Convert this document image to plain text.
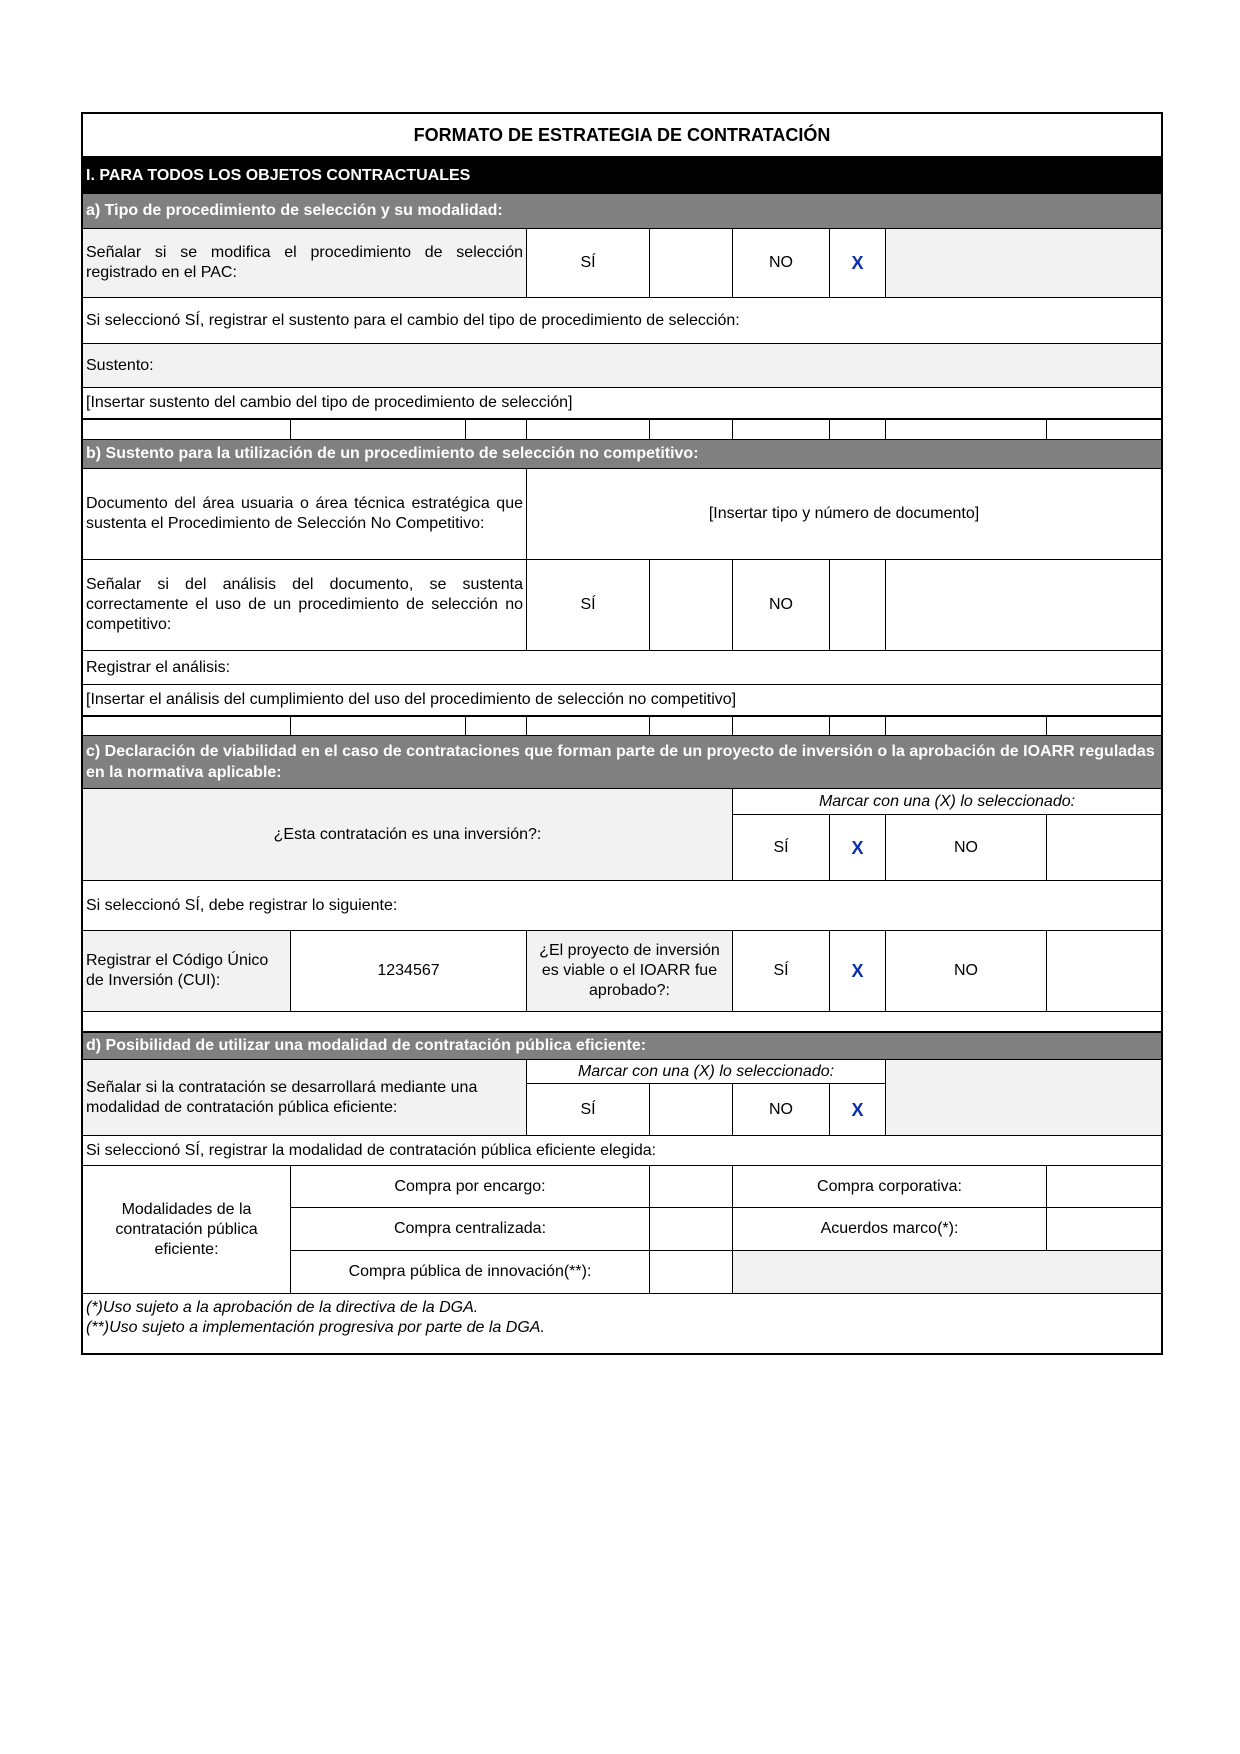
FORMATO DE ESTRATEGIA DE CONTRATACIÓN
I. PARA TODOS LOS OBJETOS CONTRACTUALES
a) Tipo de procedimiento de selección y su modalidad:
Señalar si se modifica el procedimiento de selección registrado en el PAC:
SÍ	NO	X
Si seleccionó SÍ, registrar el sustento para el cambio del tipo de procedimiento de selección:
Sustento:
[Insertar sustento del cambio del tipo de procedimiento de selección]
b) Sustento para la utilización de un procedimiento de selección no competitivo:
Documento del área usuaria o área técnica estratégica que sustenta el Procedimiento de Selección No Competitivo:
[Insertar tipo y número de documento]
Señalar si del análisis del documento, se sustenta correctamente el uso de un procedimiento de selección no competitivo:
SÍ	NO
Registrar el análisis:
[Insertar el análisis del cumplimiento del uso del procedimiento de selección no competitivo]
c) Declaración de viabilidad en el caso de contrataciones que forman parte de un proyecto de inversión o la aprobación de IOARR reguladas en la normativa aplicable:
¿Esta contratación es una inversión?:
Marcar con una (X) lo seleccionado:
SÍ	X	NO
Si seleccionó SÍ, debe registrar lo siguiente:
Registrar el Código Único de Inversión (CUI):
1234567
¿El proyecto de inversión es viable o el IOARR fue aprobado?:
SÍ	X	NO
d) Posibilidad de utilizar una modalidad de contratación pública eficiente:
Señalar si la contratación se desarrollará mediante una modalidad de contratación pública eficiente:
Marcar con una (X) lo seleccionado:
SÍ	NO	X
Si seleccionó SÍ, registrar la modalidad de contratación pública eficiente elegida:
Modalidades de la contratación pública eficiente:
Compra por encargo:	Compra corporativa:
Compra centralizada:	Acuerdos marco(*):
Compra pública de innovación(**):
(*)Uso sujeto a la aprobación de la directiva de la DGA.
(**)Uso sujeto a implementación progresiva por parte de la DGA.
